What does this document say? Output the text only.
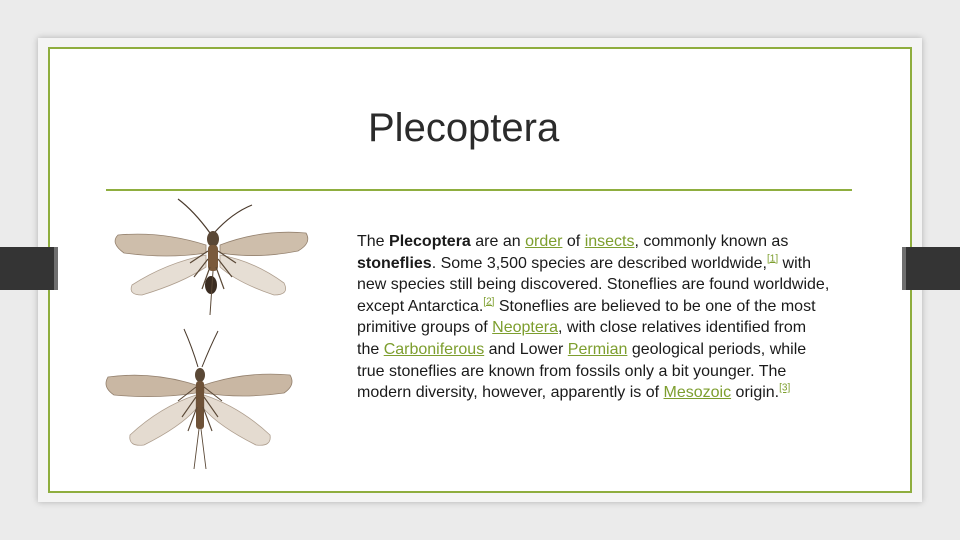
Plecoptera

The Plecoptera are an order of insects, commonly known as stoneflies. Some 3,500 species are described worldwide,[1] with new species still being discovered. Stoneflies are found worldwide, except Antarctica.[2] Stoneflies are believed to be one of the most primitive groups of Neoptera, with close relatives identified from the Carboniferous and Lower Permian geological periods, while true stoneflies are known from fossils only a bit younger. The modern diversity, however, apparently is of Mesozoic origin.[3]
